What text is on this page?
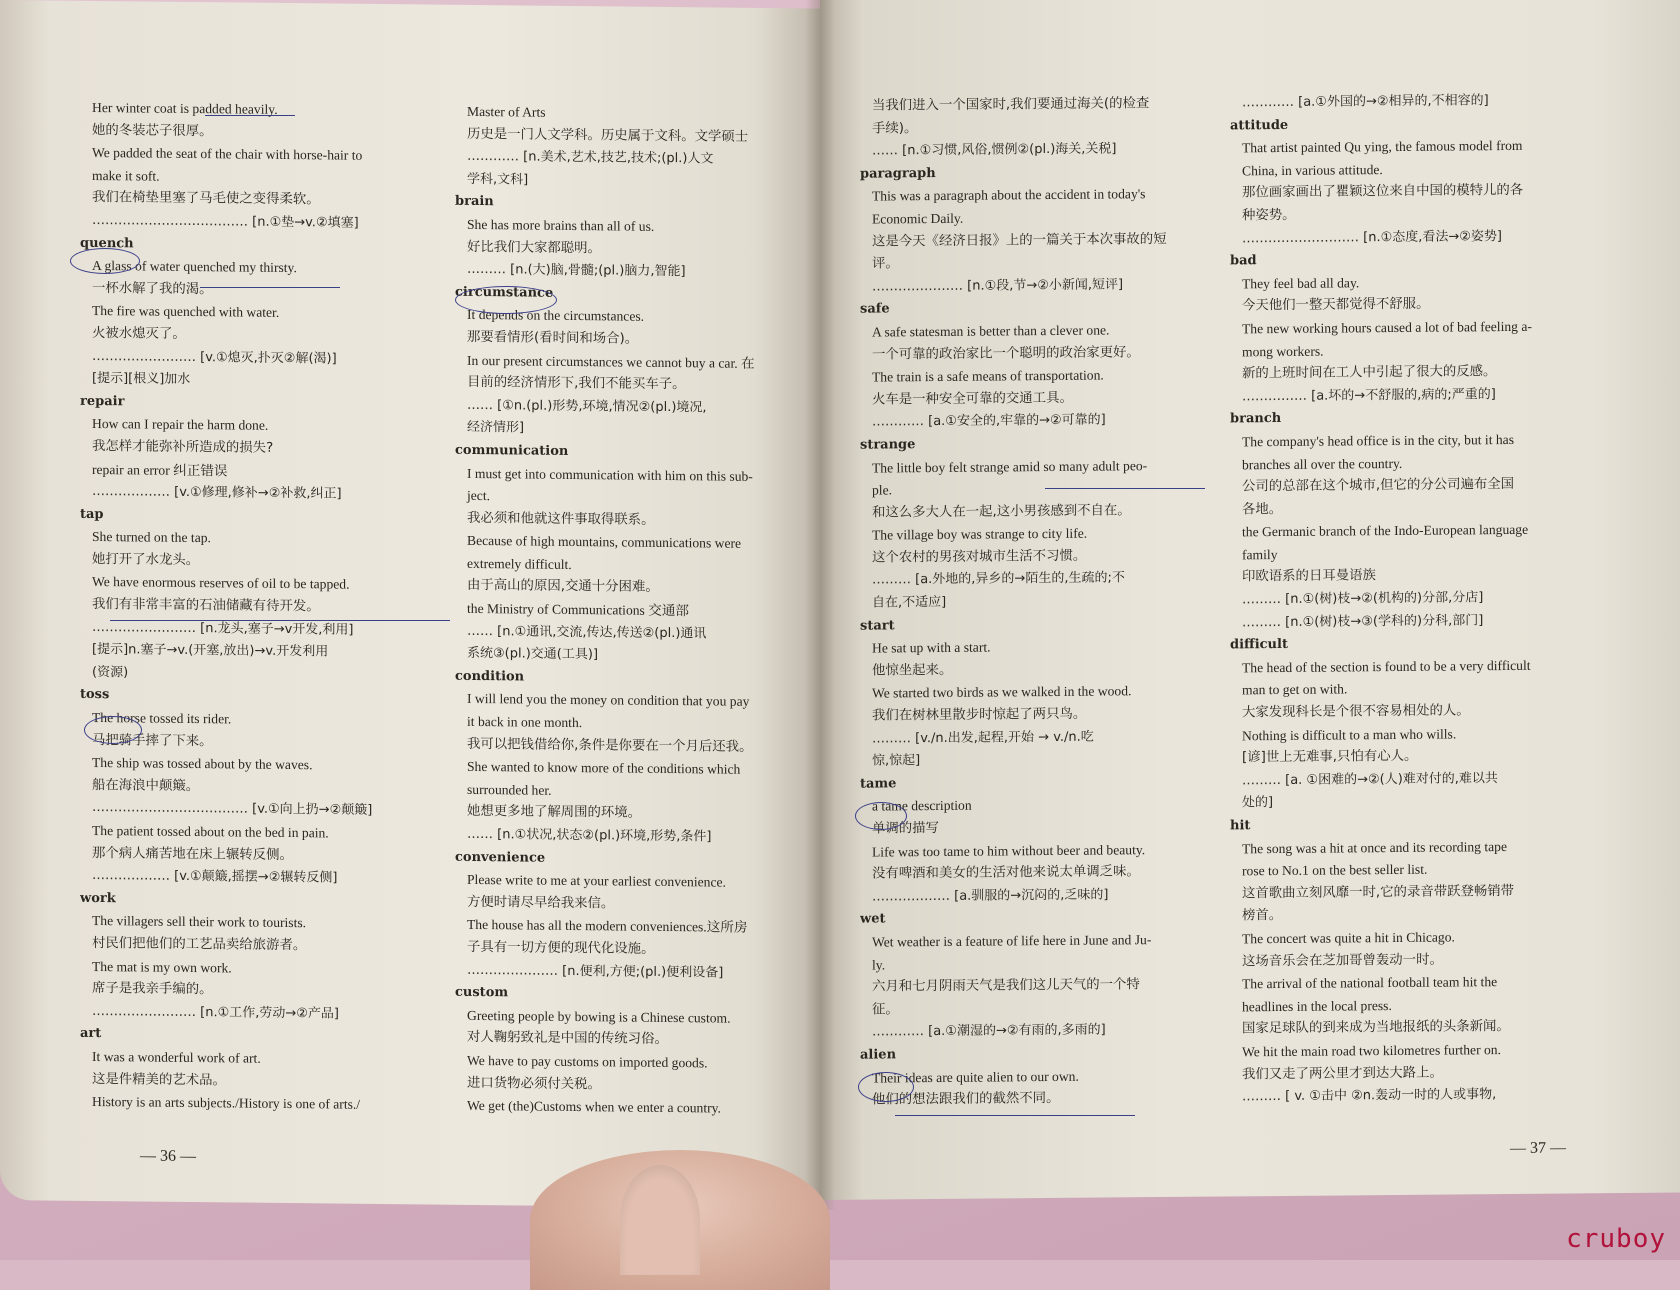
Her winter coat is padded heavily.
她的冬装芯子很厚。
We padded the seat of the chair with horse-hair to
make it soft.
我们在椅垫里塞了马毛使之变得柔软。
……………………………… [n.①垫→v.②填塞]
quench
A glass of water quenched my thirsty.
一杯水解了我的渴。
The fire was quenched with water.
火被水熄灭了。
…………………… [v.①熄灭,扑灭②解(渴)]
[提示][根义]加水
repair
How can I repair the harm done.
我怎样才能弥补所造成的损失?
repair an error 纠正错误
……………… [v.①修理,修补→②补救,纠正]
tap
She turned on the tap.
她打开了水龙头。
We have enormous reserves of oil to be tapped.
我们有非常丰富的石油储藏有待开发。
…………………… [n.龙头,塞子→v开发,利用]
[提示]n.塞子→v.(开塞,放出)→v.开发利用
(资源)
toss
The horse tossed its rider.
马把骑手摔了下来。
The ship was tossed about by the waves.
船在海浪中颠簸。
……………………………… [v.①向上扔→②颠簸]
The patient tossed about on the bed in pain.
那个病人痛苦地在床上辗转反侧。
……………… [v.①颠簸,摇摆→②辗转反侧]
work
The villagers sell their work to tourists.
村民们把他们的工艺品卖给旅游者。
The mat is my own work.
席子是我亲手编的。
…………………… [n.①工作,劳动→②产品]
art
It was a wonderful work of art.
这是件精美的艺术品。
History is an arts subjects./History is one of arts./
Master of Arts
历史是一门人文学科。历史属于文科。文学硕士
………… [n.美术,艺术,技艺,技术;(pl.)人文
学科,文科]
brain
She has more brains than all of us.
好比我们大家都聪明。
……… [n.(大)脑,骨髓;(pl.)脑力,智能]
circumstance
It depends on the circumstances.
那要看情形(看时间和场合)。
In our present circumstances we cannot buy a car. 在
目前的经济情形下,我们不能买车子。
…… [①n.(pl.)形势,环境,情况②(pl.)境况,
经济情形]
communication
I must get into communication with him on this sub-
ject.
我必须和他就这件事取得联系。
Because of high mountains, communications were
extremely difficult.
由于高山的原因,交通十分困难。
the Ministry of Communications 交通部
…… [n.①通讯,交流,传达,传送②(pl.)通讯
系统③(pl.)交通(工具)]
condition
I will lend you the money on condition that you pay
it back in one month.
我可以把钱借给你,条件是你要在一个月后还我。
She wanted to know more of the conditions which
surrounded her.
她想更多地了解周围的环境。
…… [n.①状况,状态②(pl.)环境,形势,条件]
convenience
Please write to me at your earliest convenience.
方便时请尽早给我来信。
The house has all the modern conveniences.这所房
子具有一切方便的现代化设施。
………………… [n.便利,方便;(pl.)便利设备]
custom
Greeting people by bowing is a Chinese custom.
对人鞠躬致礼是中国的传统习俗。
We have to pay customs on imported goods.
进口货物必须付关税。
We get (the)Customs when we enter a country.
— 36 —
当我们进入一个国家时,我们要通过海关(的检查
手续)。
…… [n.①习惯,风俗,惯例②(pl.)海关,关税]
paragraph
This was a paragraph about the accident in today's
Economic Daily.
这是今天《经济日报》上的一篇关于本次事故的短
评。
………………… [n.①段,节→②小新闻,短评]
safe
A safe statesman is better than a clever one.
一个可靠的政治家比一个聪明的政治家更好。
The train is a safe means of transportation.
火车是一种安全可靠的交通工具。
………… [a.①安全的,牢靠的→②可靠的]
strange
The little boy felt strange amid so many adult peo-
ple.
和这么多大人在一起,这小男孩感到不自在。
The village boy was strange to city life.
这个农村的男孩对城市生活不习惯。
……… [a.外地的,异乡的→陌生的,生疏的;不
自在,不适应]
start
He sat up with a start.
他惊坐起来。
We started two birds as we walked in the wood.
我们在树林里散步时惊起了两只鸟。
……… [v./n.出发,起程,开始 → v./n.吃
惊,惊起]
tame
a tame description
单调的描写
Life was too tame to him without beer and beauty.
没有啤酒和美女的生活对他来说太单调乏味。
……………… [a.驯服的→沉闷的,乏味的]
wet
Wet weather is a feature of life here in June and Ju-
ly.
六月和七月阴雨天气是我们这儿天气的一个特
征。
………… [a.①潮湿的→②有雨的,多雨的]
alien
Their ideas are quite alien to our own.
他们的想法跟我们的截然不同。
………… [a.①外国的→②相异的,不相容的]
attitude
That artist painted Qu ying, the famous model from
China, in various attitude.
那位画家画出了瞿颖这位来自中国的模特儿的各
种姿势。
……………………… [n.①态度,看法→②姿势]
bad
They feel bad all day.
今天他们一整天都觉得不舒服。
The new working hours caused a lot of bad feeling a-
mong workers.
新的上班时间在工人中引起了很大的反感。
…………… [a.坏的→不舒服的,病的;严重的]
branch
The company's head office is in the city, but it has
branches all over the country.
公司的总部在这个城市,但它的分公司遍布全国
各地。
the Germanic branch of the Indo-European language
family
印欧语系的日耳曼语族
……… [n.①(树)枝→②(机构的)分部,分店]
……… [n.①(树)枝→③(学科的)分科,部门]
difficult
The head of the section is found to be a very difficult
man to get on with.
大家发现科长是个很不容易相处的人。
Nothing is difficult to a man who wills.
[谚]世上无难事,只怕有心人。
……… [a. ①困难的→②(人)难对付的,难以共
处的]
hit
The song was a hit at once and its recording tape
rose to No.1 on the best seller list.
这首歌曲立刻风靡一时,它的录音带跃登畅销带
榜首。
The concert was quite a hit in Chicago.
这场音乐会在芝加哥曾轰动一时。
The arrival of the national football team hit the
headlines in the local press.
国家足球队的到来成为当地报纸的头条新闻。
We hit the main road two kilometres further on.
我们又走了两公里才到达大路上。
……… [ v. ①击中 ②n.轰动一时的人或事物,
— 37 —
cruboy
